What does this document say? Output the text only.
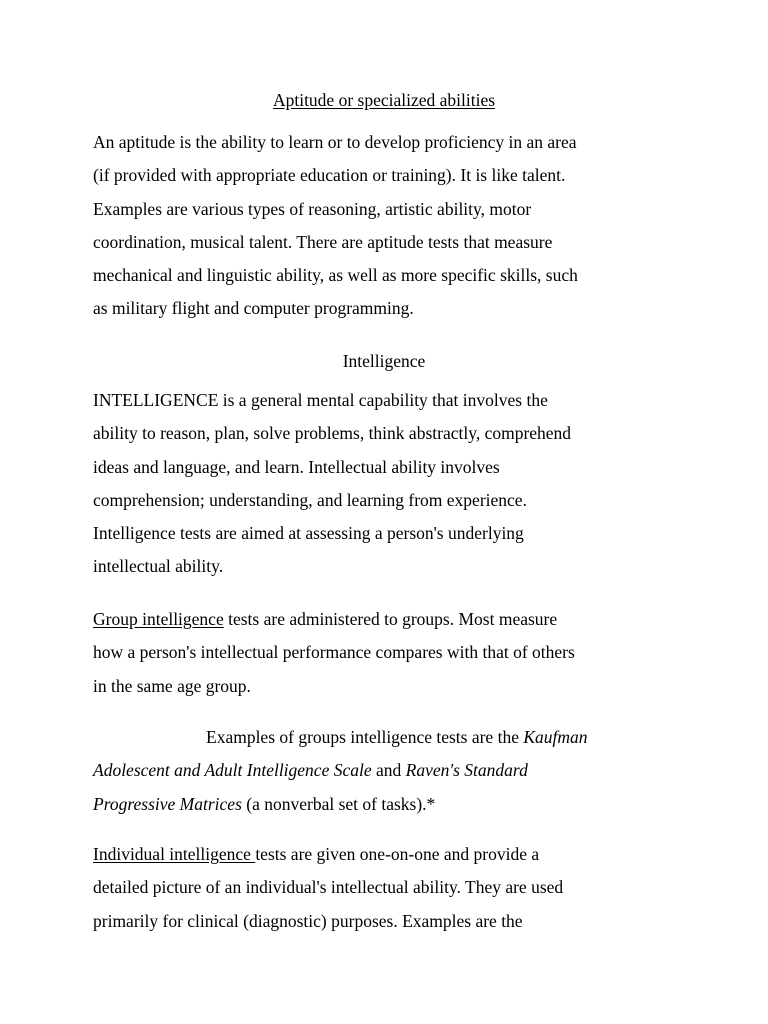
Aptitude or specialized abilities
An aptitude is the ability to learn or to develop proficiency in an area
(if provided with appropriate education or training). It is like talent.
Examples are various types of reasoning, artistic ability, motor
coordination, musical talent. There are aptitude tests that measure
mechanical and linguistic ability, as well as more specific skills, such
as military flight and computer programming.
Intelligence
INTELLIGENCE is a general mental capability that involves the
ability to reason, plan, solve problems, think abstractly, comprehend
ideas and language, and learn. Intellectual ability involves
comprehension; understanding, and learning from experience.
Intelligence tests are aimed at assessing a person's underlying
intellectual ability.
Group intelligence tests are administered to groups. Most measure
how a person's intellectual performance compares with that of others
in the same age group.
Examples of groups intelligence tests are the Kaufman
Adolescent and Adult Intelligence Scale and Raven's Standard
Progressive Matrices (a nonverbal set of tasks).*
Individual intelligence tests are given one-on-one and provide a
detailed picture of an individual's intellectual ability. They are used
primarily for clinical (diagnostic) purposes. Examples are the
